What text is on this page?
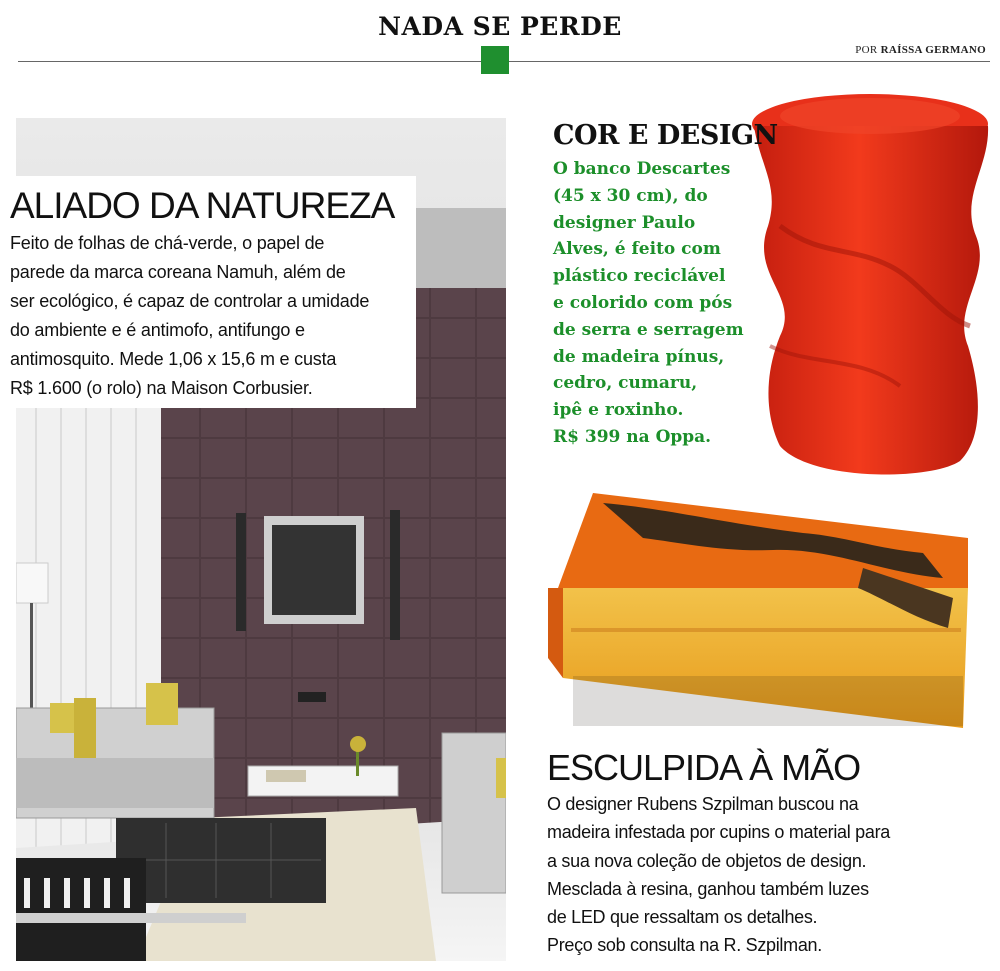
NADA SE PERDE
POR RAÍSSA GERMANO
ALIADO DA NATUREZA
Feito de folhas de chá-verde, o papel de
parede da marca coreana Namuh, além de
ser ecológico, é capaz de controlar a umidade
do ambiente e é antimofo, antifungo e
antimosquito. Mede 1,06 x 15,6 m e custa
R$ 1.600 (o rolo) na Maison Corbusier.
COR E DESIGN
O banco Descartes
(45 x 30 cm), do
designer Paulo
Alves, é feito com
plástico reciclável
e colorido com pós
de serra e serragem
de madeira pínus,
cedro, cumaru,
ipê e roxinho.
R$ 399 na Oppa.
ESCULPIDA À MÃO
O designer Rubens Szpilman buscou na
madeira infestada por cupins o material para
a sua nova coleção de objetos de design.
Mesclada à resina, ganhou também luzes
de LED que ressaltam os detalhes.
Preço sob consulta na R. Szpilman.
